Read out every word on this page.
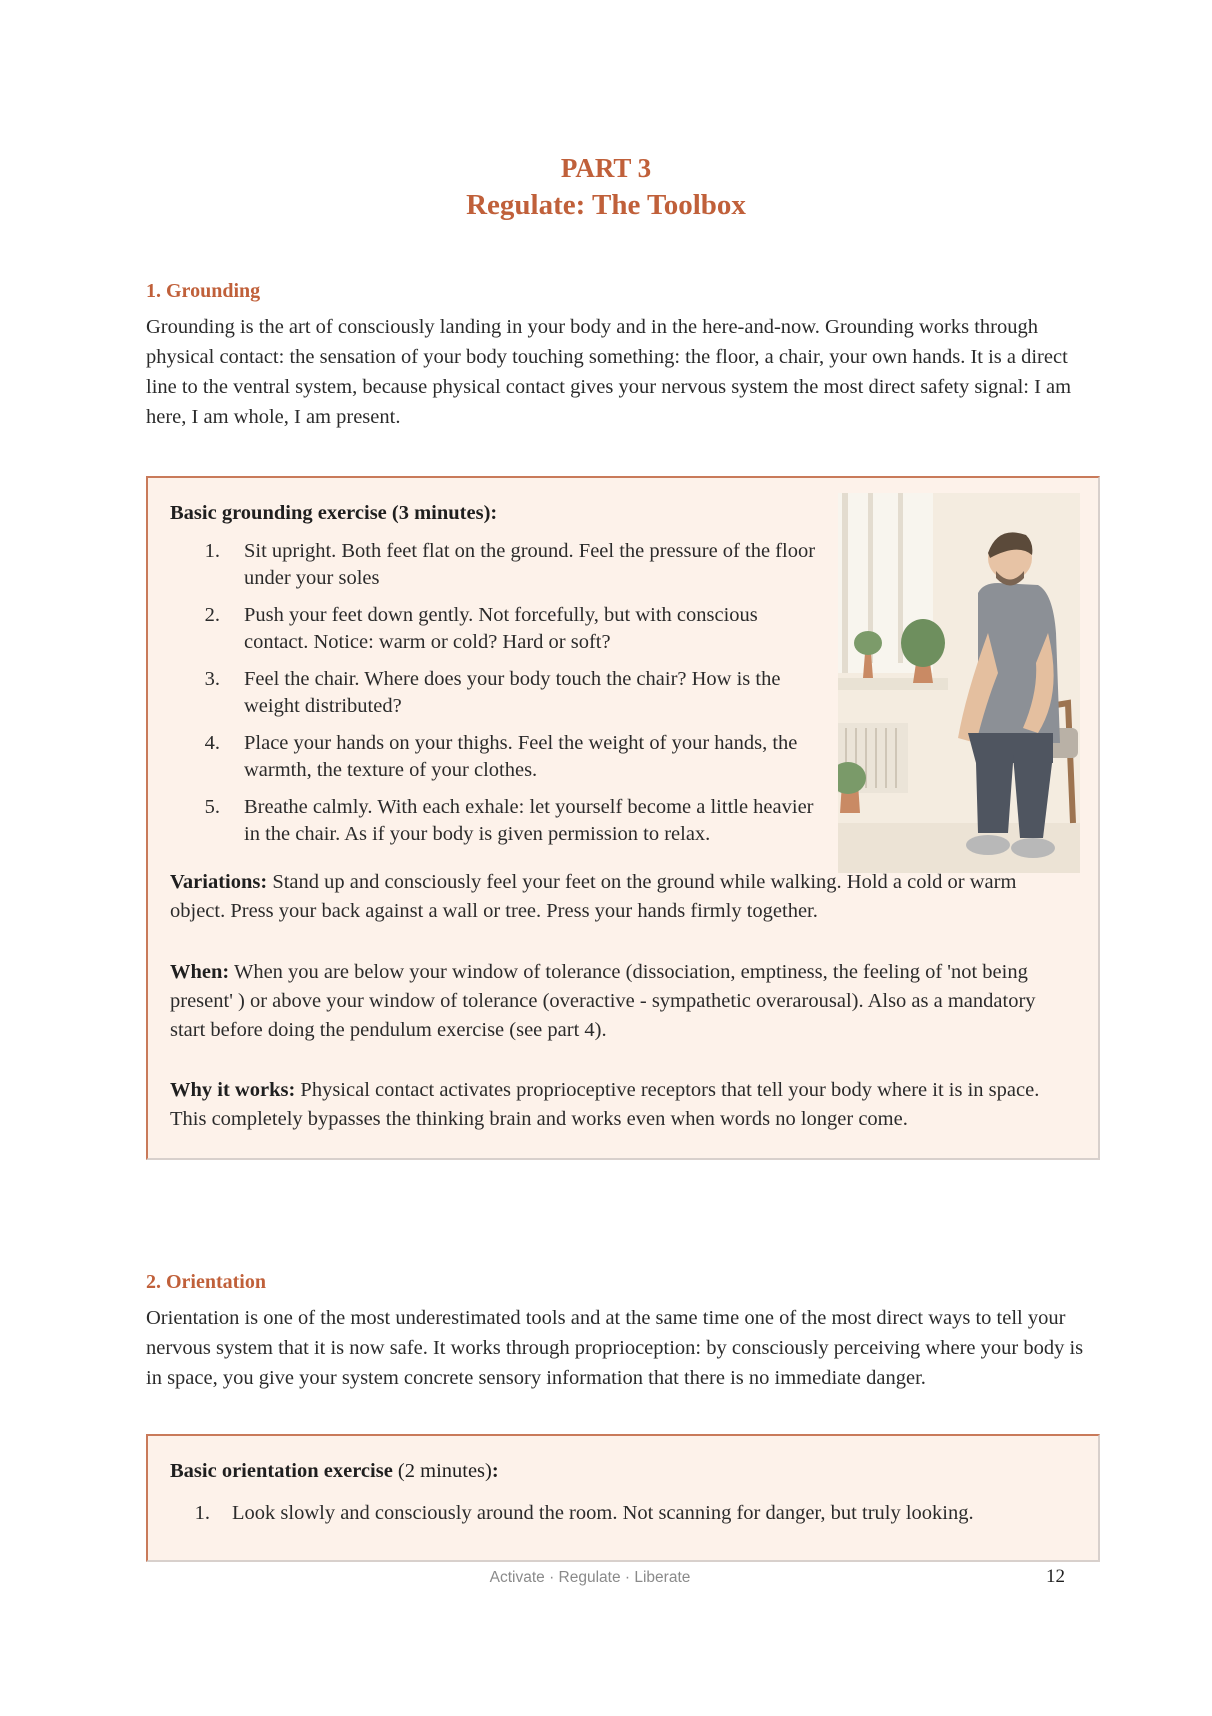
PART 3
Regulate: The Toolbox
1. Grounding

Grounding is the art of consciously landing in your body and in the here-and-now. Grounding works through physical contact: the sensation of your body touching something: the floor, a chair, your own hands. It is a direct line to the ventral system, because physical contact gives your nervous system the most direct safety signal: I am here, I am whole, I am present.

Basic grounding exercise (3 minutes):
1. Sit upright. Both feet flat on the ground. Feel the pressure of the floor under your soles
2. Push your feet down gently. Not forcefully, but with conscious contact. Notice: warm or cold? Hard or soft?
3. Feel the chair. Where does your body touch the chair? How is the weight distributed?
4. Place your hands on your thighs. Feel the weight of your hands, the warmth, the texture of your clothes.
5. Breathe calmly. With each exhale: let yourself become a little heavier in the chair. As if your body is given permission to relax.

Variations: Stand up and consciously feel your feet on the ground while walking. Hold a cold or warm object. Press your back against a wall or tree. Press your hands firmly together.

When: When you are below your window of tolerance (dissociation, emptiness, the feeling of 'not being present' ) or above your window of tolerance (overactive - sympathetic overarousal). Also as a mandatory start before doing the pendulum exercise (see part 4).

Why it works: Physical contact activates proprioceptive receptors that tell your body where it is in space. This completely bypasses the thinking brain and works even when words no longer come.

2. Orientation

Orientation is one of the most underestimated tools and at the same time one of the most direct ways to tell your nervous system that it is now safe. It works through proprioception: by consciously perceiving where your body is in space, you give your system concrete sensory information that there is no immediate danger.

Basic orientation exercise (2 minutes):
1. Look slowly and consciously around the room. Not scanning for danger, but truly looking.
Activate · Regulate · Liberate	12
